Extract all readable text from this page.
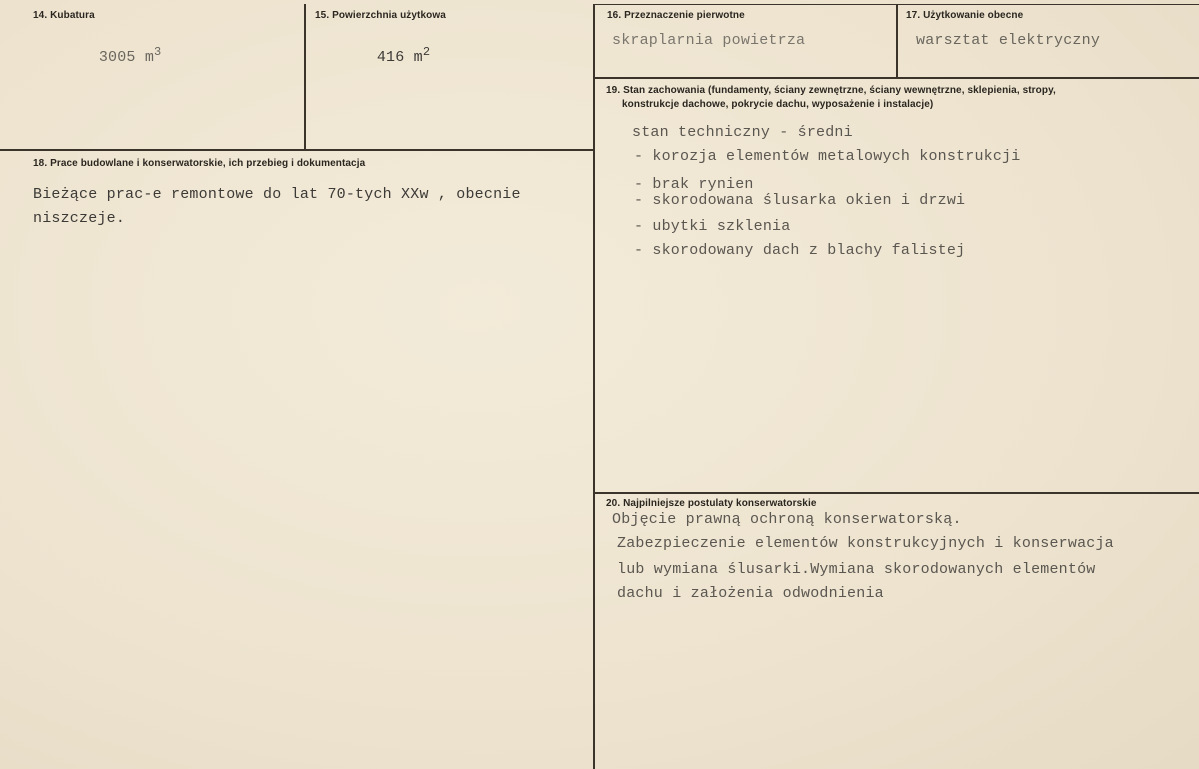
14. Kubatura

3005 $m^3$

15. Powierzchnia użytkowa

416 $m^2$

16. Przeznaczenie pierwotne
skraplarnia powietrza
17. Użytkowanie obecne
warsztat elektryczny
18. Prace budowlane i konserwatorskie, ich przebieg i dokumentacja
Bieżące prac-e remontowe do lat 70-tych XXw , obecnie
niszczeje.
19. Stan zachowania (fundamenty, ściany zewnętrzne, ściany wewnętrzne, sklepienia, stropy,
konstrukcje dachowe, pokrycie dachu, wyposażenie i instalacje)
stan techniczny - średni
- korozja elementów metalowych konstrukcji
- brak rynien
- skorodowana ślusarka okien i drzwi
- ubytki szklenia
- skorodowany dach z blachy falistej
20. Najpilniejsze postulaty konserwatorskie
Objęcie prawną ochroną konserwatorską.
Zabezpieczenie elementów konstrukcyjnych i konserwacja
lub wymiana ślusarki.Wymiana skorodowanych elementów
dachu i założenia odwodnienia
